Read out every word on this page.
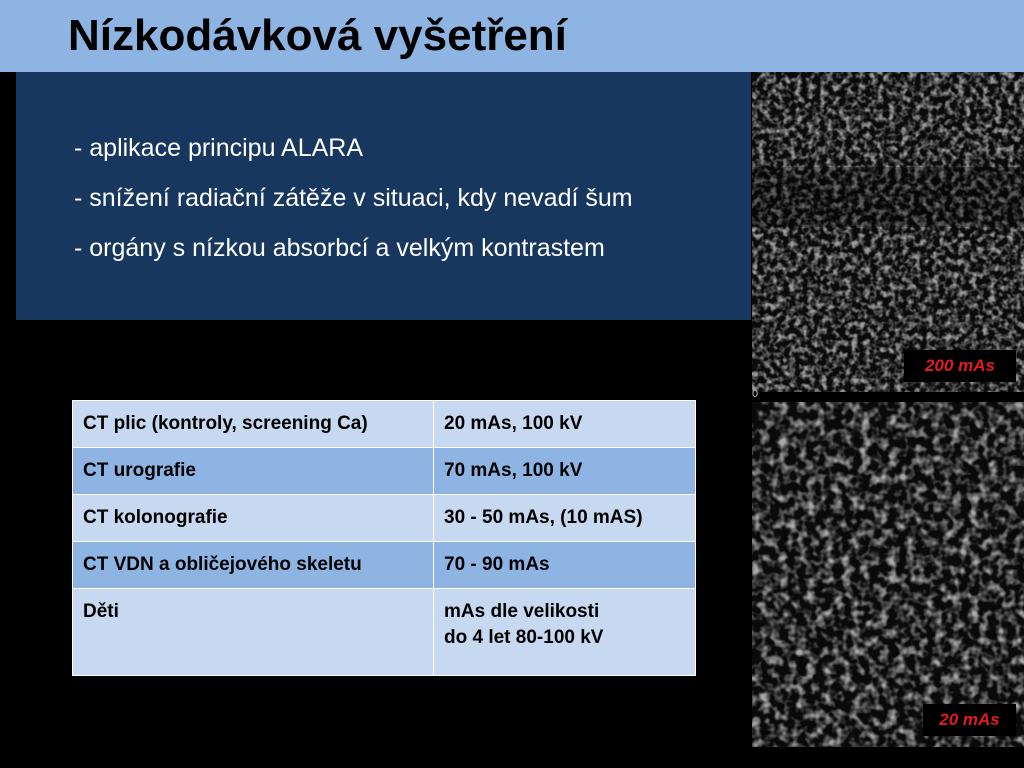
Nízkodávková vyšetření
- aplikace principu ALARA
- snížení radiační zátěže v situaci, kdy nevadí šum
- orgány s nízkou absorbcí a velkým kontrastem
0
200 mAs
20 mAs
CT plic (kontroly, screening Ca)	20 mAs, 100 kV
CT urografie	70 mAs, 100 kV
CT kolonografie	30 - 50 mAs, (10 mAS)
CT VDN a obličejového skeletu	70 - 90 mAs
Děti	mAs dle velikosti
do 4 let 80-100 kV
